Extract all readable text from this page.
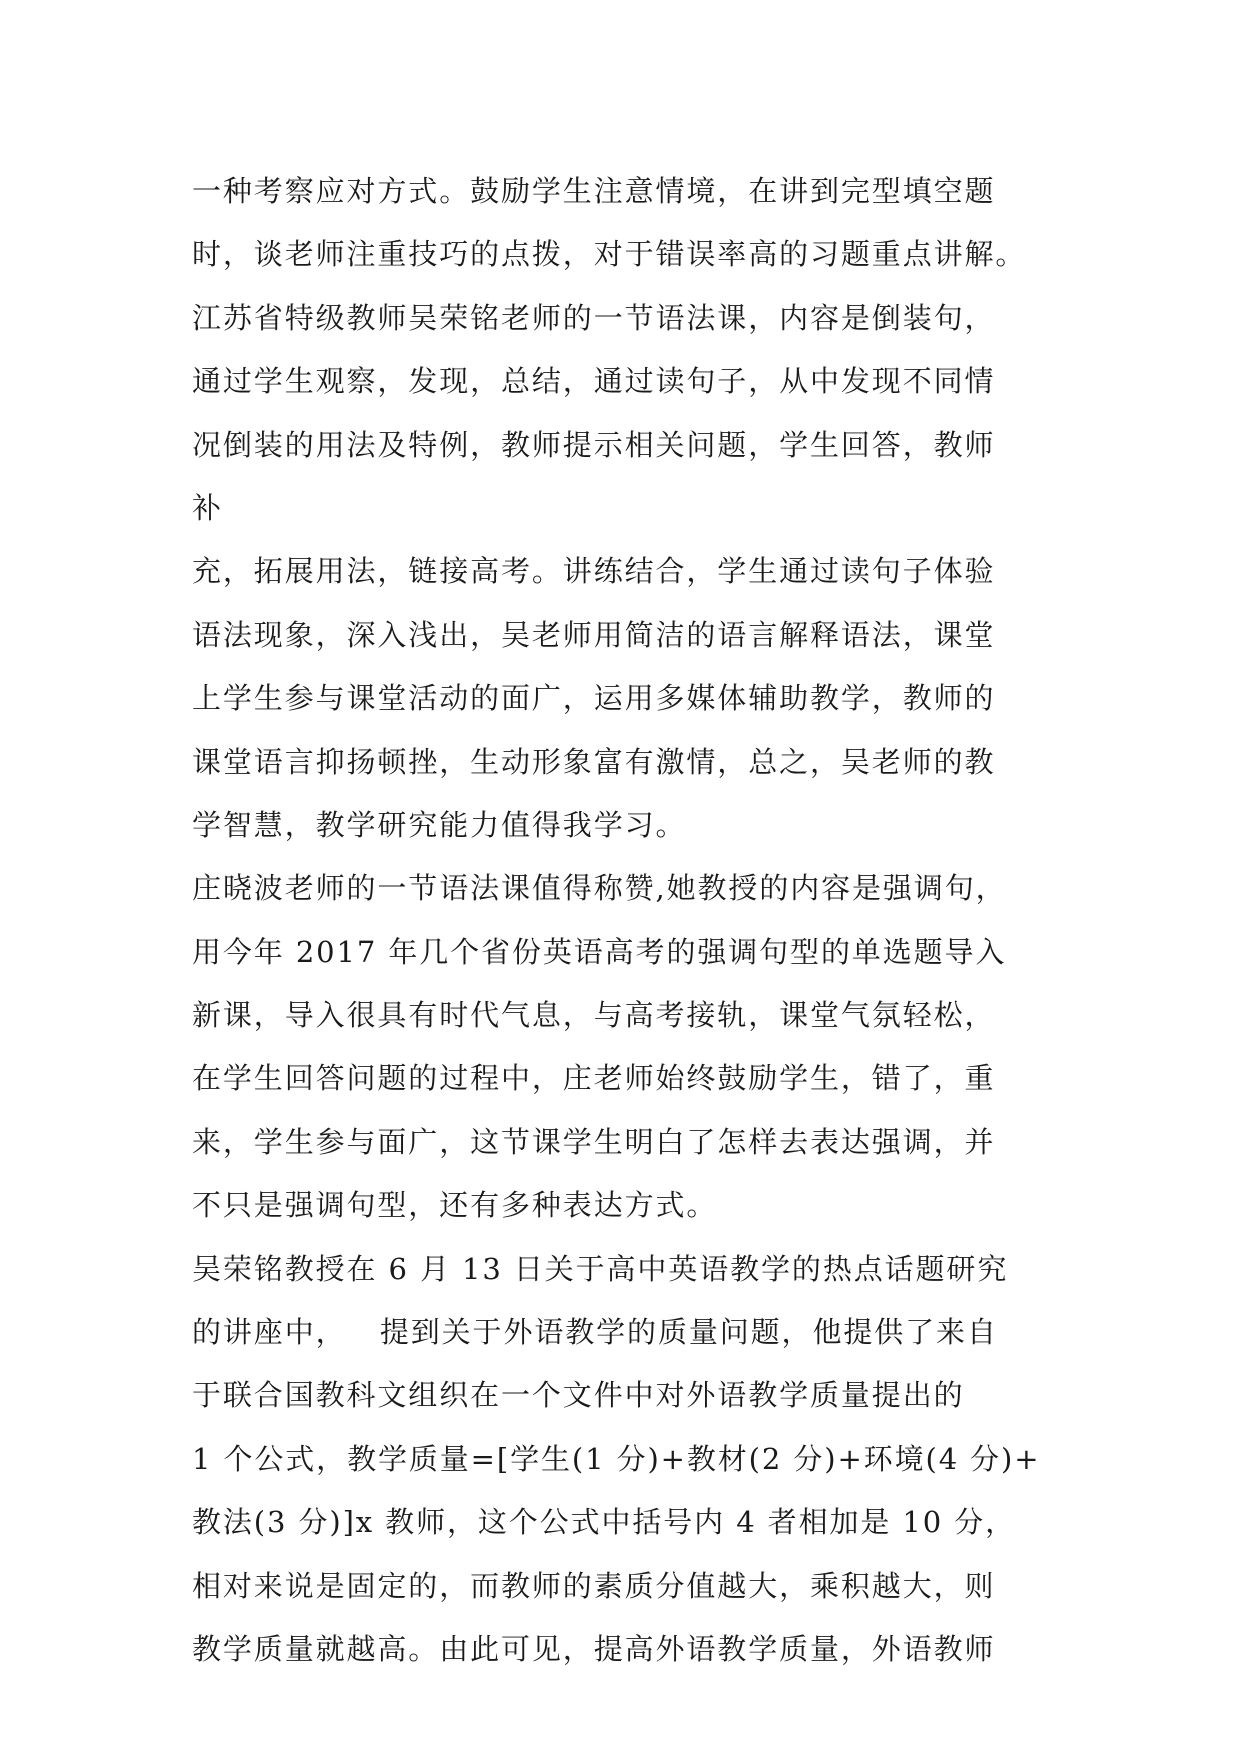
一种考察应对方式。鼓励学生注意情境，在讲到完型填空题
时，谈老师注重技巧的点拨，对于错误率高的习题重点讲解。
江苏省特级教师吴荣铭老师的一节语法课，内容是倒装句，
通过学生观察，发现，总结，通过读句子，从中发现不同情
况倒装的用法及特例，教师提示相关问题，学生回答，教师
补
充，拓展用法，链接高考。讲练结合，学生通过读句子体验
语法现象，深入浅出，吴老师用简洁的语言解释语法，课堂
上学生参与课堂活动的面广，运用多媒体辅助教学，教师的
课堂语言抑扬顿挫，生动形象富有激情，总之，吴老师的教
学智慧，教学研究能力值得我学习。
庄晓波老师的一节语法课值得称赞,她教授的内容是强调句，
用今年 2017 年几个省份英语高考的强调句型的单选题导入
新课，导入很具有时代气息，与高考接轨，课堂气氛轻松，
在学生回答问题的过程中，庄老师始终鼓励学生，错了，重
来，学生参与面广，这节课学生明白了怎样去表达强调，并
不只是强调句型，还有多种表达方式。
吴荣铭教授在 6 月 13 日关于高中英语教学的热点话题研究
的讲座中，   提到关于外语教学的质量问题，他提供了来自
于联合国教科文组织在一个文件中对外语教学质量提出的
1 个公式，教学质量=[学生(1 分)+教材(2 分)+环境(4 分)+
教法(3 分)]x 教师，这个公式中括号内 4 者相加是 10 分，
相对来说是固定的，而教师的素质分值越大，乘积越大，则
教学质量就越高。由此可见，提高外语教学质量，外语教师
